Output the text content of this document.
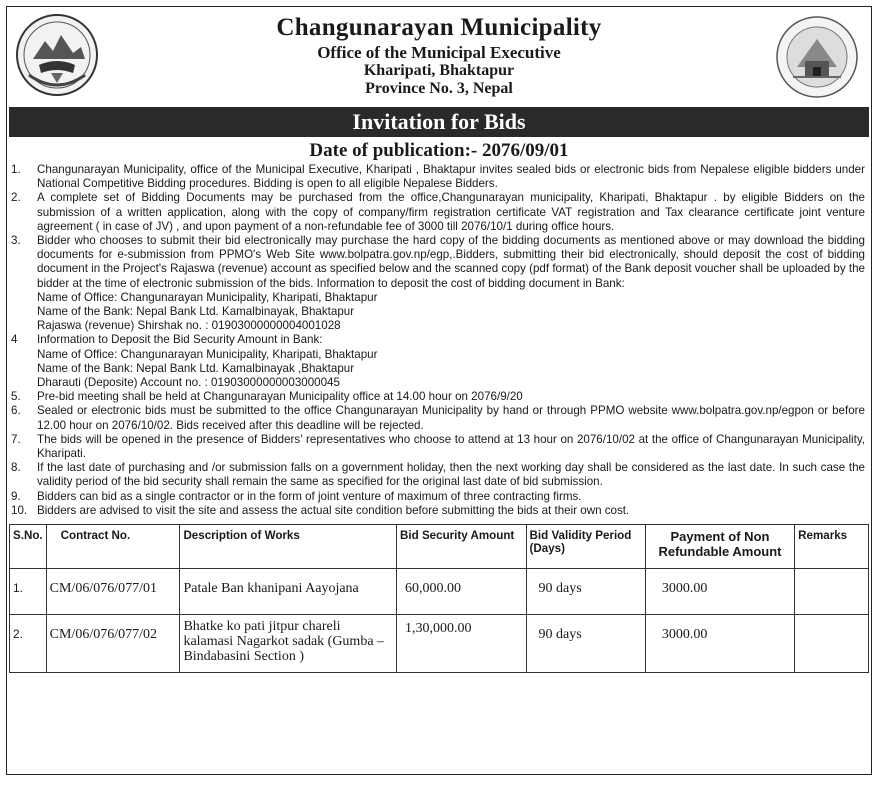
Changunarayan Municipality
Office of the Municipal Executive
Kharipati, Bhaktapur
Province No. 3, Nepal
Invitation for Bids
Date of publication:- 2076/09/01
1.	Changunarayan Municipality, office of the Municipal Executive, Kharipati , Bhaktapur invites sealed bids or electronic bids from Nepalese eligible bidders under National Competitive Bidding procedures. Bidding is open to all eligible Nepalese Bidders.
2.	A complete set of Bidding Documents may be purchased from the office,Changunarayan municipality, Kharipati, Bhaktapur . by eligible Bidders on the submission of a written application, along with the copy of company/firm registration certificate VAT registration and Tax clearance certificate joint venture agreement ( in case of JV) , and upon payment of a non-refundable fee of 3000 till 2076/10/1 during office hours.
3.	Bidder who chooses to submit their bid electronically may purchase the hard copy of the bidding documents as mentioned above or may download the bidding documents for e-submission from PPMO's Web Site www.bolpatra.gov.np/egp,.Bidders, submitting their bid electronically, should deposit the cost of bidding document in the Project's Rajaswa (revenue) account as specified below and the scanned copy (pdf format) of the Bank deposit voucher shall be uploaded by the bidder at the time of electronic submission of the bids. Information to deposit the cost of bidding document in Bank:
Name of Office: Changunarayan Municipality, Kharipati, Bhaktapur
Name of the Bank: Nepal Bank Ltd. Kamalbinayak, Bhaktapur
Rajaswa (revenue) Shirshak no. : 01903000000004001028
4	Information to Deposit the Bid Security Amount in Bank:
Name of Office: Changunarayan Municipality, Kharipati, Bhaktapur
Name of the Bank: Nepal Bank Ltd. Kamalbinayak ,Bhaktapur
Dharauti (Deposite) Account no. : 01903000000003000045
5.	Pre-bid meeting shall be held at Changunarayan Municipality office at 14.00 hour on 2076/9/20
6.	Sealed or electronic bids must be submitted to the office Changunarayan Municipality by hand or through PPMO website www.bolpatra.gov.np/egpon or before 12.00 hour on 2076/10/02. Bids received after this deadline will be rejected.
7.	The bids will be opened in the presence of Bidders' representatives who choose to attend at 13 hour on 2076/10/02 at the office of Changunarayan Municipality, Kharipati.
8.	If the last date of purchasing and /or submission falls on a government holiday, then the next working day shall be considered as the last date. In such case the validity period of the bid security shall remain the same as specified for the original last date of bid submission.
9.	Bidders can bid as a single contractor or in the form of joint venture of maximum of three contracting firms.
10. Bidders are advised to visit the site and assess the actual site condition before submitting the bids at their own cost.
S.No.	Contract No.	Description of Works	Bid Security Amount	Bid Validity Period (Days)	Payment of Non Refundable Amount	Remarks
1.	CM/06/076/077/01	Patale Ban khanipani Aayojana	60,000.00	90 days	3000.00	
2.	CM/06/076/077/02	Bhatke ko pati jitpur chareli kalamasi Nagarkot sadak (Gumba – Bindabasini Section )	1,30,000.00	90 days	3000.00	
